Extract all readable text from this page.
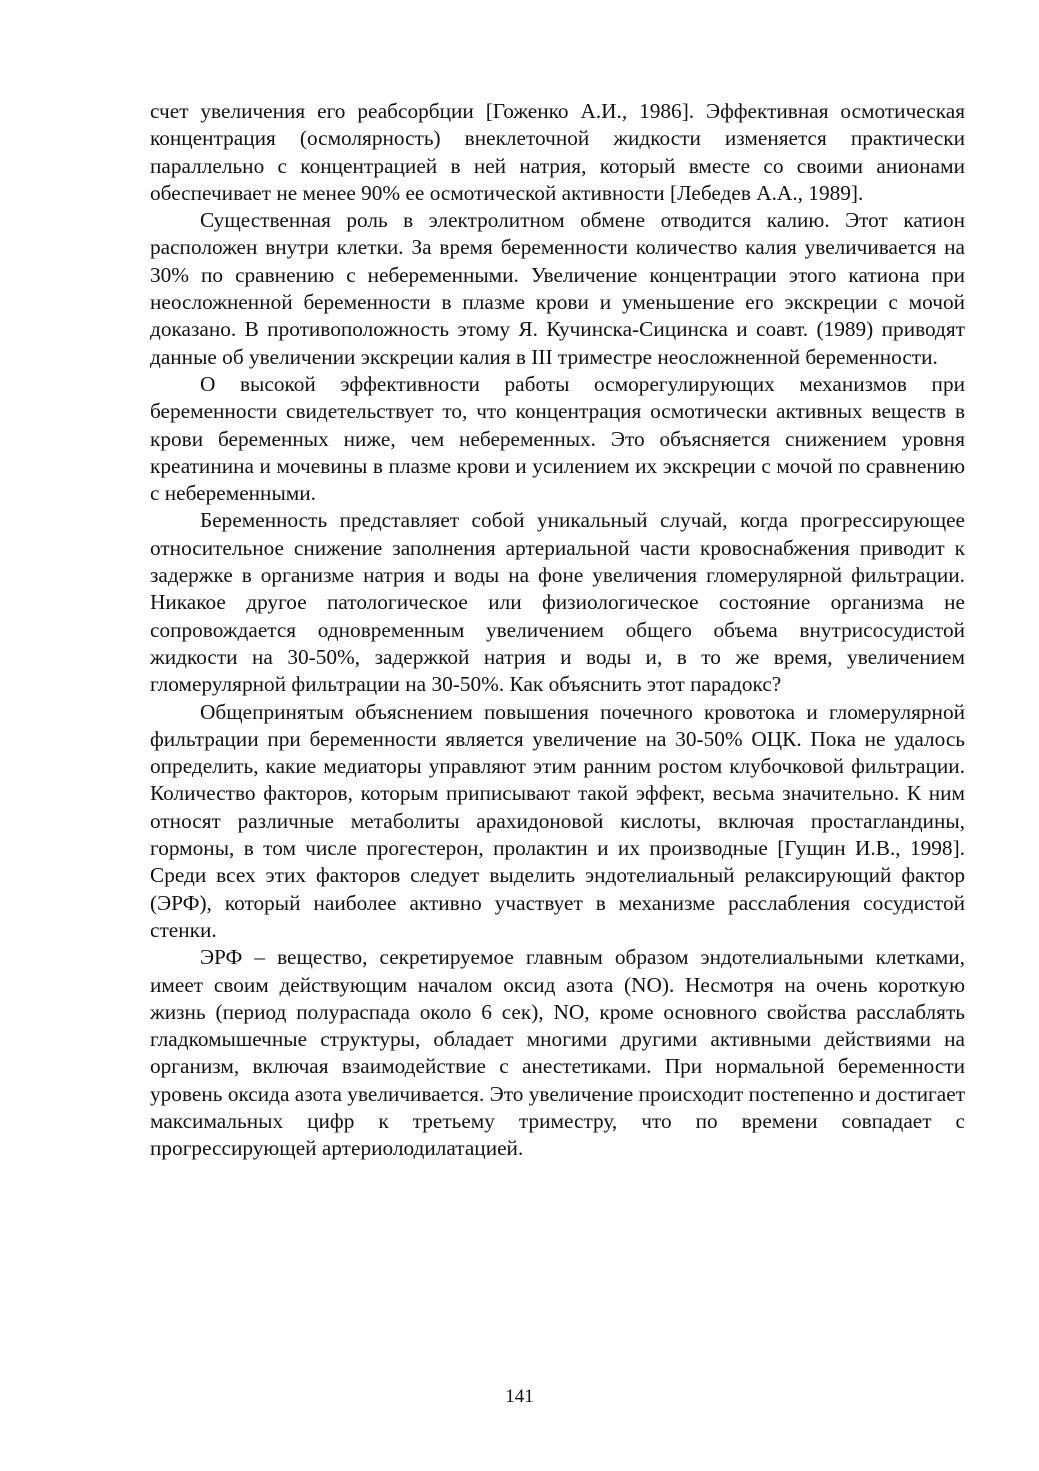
счет увеличения его реабсорбции [Гоженко А.И., 1986]. Эффективная осмотическая концентрация (осмолярность) внеклеточной жидкости изменяется практически параллельно с концентрацией в ней натрия, который вместе со своими анионами обеспечивает не менее 90% ее осмотической активности [Лебедев А.А., 1989].

Существенная роль в электролитном обмене отводится калию. Этот катион расположен внутри клетки. За время беременности количество калия увеличивается на 30% по сравнению с небеременными. Увеличение концентрации этого катиона при неосложненной беременности в плазме крови и уменьшение его экскреции с мочой доказано. В противоположность этому Я. Кучинска-Сицинска и соавт. (1989) приводят данные об увеличении экскреции калия в III триместре неосложненной беременности.

О высокой эффективности работы осморегулирующих механизмов при беременности свидетельствует то, что концентрация осмотически активных веществ в крови беременных ниже, чем небеременных. Это объясняется снижением уровня креатинина и мочевины в плазме крови и усилением их экскреции с мочой по сравнению с небеременными.

Беременность представляет собой уникальный случай, когда прогрессирующее относительное снижение заполнения артериальной части кровоснабжения приводит к задержке в организме натрия и воды на фоне увеличения гломерулярной фильтрации. Никакое другое патологическое или физиологическое состояние организма не сопровождается одновременным увеличением общего объема внутрисосудистой жидкости на 30-50%, задержкой натрия и воды и, в то же время, увеличением гломерулярной фильтрации на 30-50%. Как объяснить этот парадокс?

Общепринятым объяснением повышения почечного кровотока и гломерулярной фильтрации при беременности является увеличение на 30-50% ОЦК. Пока не удалось определить, какие медиаторы управляют этим ранним ростом клубочковой фильтрации. Количество факторов, которым приписывают такой эффект, весьма значительно. К ним относят различные метаболиты арахидоновой кислоты, включая простагландины, гормоны, в том числе прогестерон, пролактин и их производные [Гущин И.В., 1998]. Среди всех этих факторов следует выделить эндотелиальный релаксирующий фактор (ЭРФ), который наиболее активно участвует в механизме расслабления сосудистой стенки.

ЭРФ – вещество, секретируемое главным образом эндотелиальными клетками, имеет своим действующим началом оксид азота (NO). Несмотря на очень короткую жизнь (период полураспада около 6 сек), NO, кроме основного свойства расслаблять гладкомышечные структуры, обладает многими другими активными действиями на организм, включая взаимодействие с анестетиками. При нормальной беременности уровень оксида азота увеличивается. Это увеличение происходит постепенно и достигает максимальных цифр к третьему триместру, что по времени совпадает с прогрессирующей артериолодилатацией.

141
